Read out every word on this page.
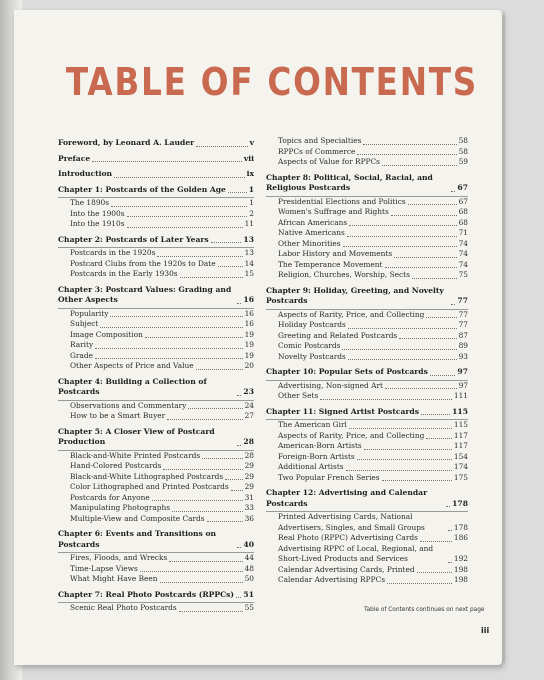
TABLE OF CONTENTS
Foreword, by Leonard A. Lauder	v
Preface	vii
Introduction	ix
Chapter 1: Postcards of the Golden Age	1
The 1890s	1
Into the 1900s	2
Into the 1910s	11
Chapter 2: Postcards of Later Years	13
Postcards in the 1920s	13
Postcard Clubs from the 1920s to Date	14
Postcards in the Early 1930s	15
Chapter 3: Postcard Values: Grading and Other Aspects	16
Popularity	16
Subject	16
Image Composition	19
Rarity	19
Grade	19
Other Aspects of Price and Value	20
Chapter 4: Building a Collection of Postcards	23
Observations and Commentary	24
How to be a Smart Buyer	27
Chapter 5: A Closer View of Postcard Production	28
Black-and-White Printed Postcards	28
Hand-Colored Postcards	29
Black-and-White Lithographed Postcards	29
Color Lithographed and Printed Postcards 29
Postcards for Anyone	31
Manipulating Photographs	33
Multiple-View and Composite Cards	36
Chapter 6: Events and Transitions on Postcards	40
Fires, Floods, and Wrecks	44
Time-Lapse Views	48
What Might Have Been	50
Chapter 7: Real Photo Postcards (RPPCs) 51
Scenic Real Photo Postcards	55
Topics and Specialties	58
RPPCs of Commerce	58
Aspects of Value for RPPCs	59
Chapter 8: Political, Social, Racial, and Religious Postcards	67
Presidential Elections and Politics	67
Women's Suffrage and Rights	68
African Americans	68
Native Americans	71
Other Minorities	74
Labor History and Movements	74
The Temperance Movement	74
Religion, Churches, Worship, Sects	75
Chapter 9: Holiday, Greeting, and Novelty Postcards	77
Aspects of Rarity, Price, and Collecting	77
Holiday Postcards	77
Greeting and Related Postcards	87
Comic Postcards	89
Novelty Postcards	93
Chapter 10: Popular Sets of Postcards	97
Advertising, Non-signed Art	97
Other Sets	111
Chapter 11: Signed Artist Postcards	115
The American Girl	115
Aspects of Rarity, Price, and Collecting	117
American-Born Artists	117
Foreign-Born Artists	154
Additional Artists	174
Two Popular French Series	175
Chapter 12: Advertising and Calendar Postcards	178
Printed Advertising Cards, National Advertisers, Singles, and Small Groups	178
Real Photo (RPPC) Advertising Cards	186
Advertising RPPC of Local, Regional, and Short-Lived Products and Services	192
Calendar Advertising Cards, Printed	198
Calendar Advertising RPPCs	198
Table of Contents continues on next page
iii
